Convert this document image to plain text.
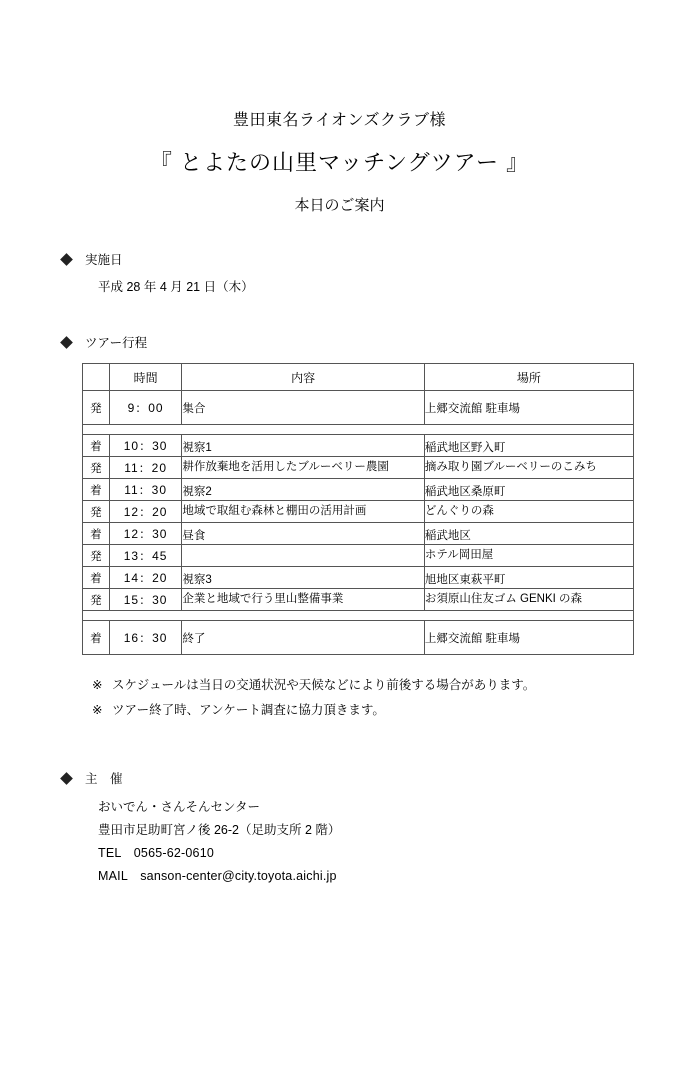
豊田東名ライオンズクラブ様
『 とよたの山里マッチングツアー 』
本日のご案内
実施日
平成 28 年 4 月 21 日（木）
ツアー行程
	時間	内容	場所
発	9：00	集合	上郷交流館 駐車場

着	10：30	視察1	稲武地区野入町
発	11：20	耕作放棄地を活用したブルーベリー農園	摘み取り園ブルーベリーのこみち
着	11：30	視察2	稲武地区桑原町
発	12：20	地域で取組む森林と棚田の活用計画	どんぐりの森
着	12：30	昼食	稲武地区
発	13：45		ホテル岡田屋
着	14：20	視察3	旭地区東萩平町
発	15：30	企業と地域で行う里山整備事業	お須原山住友ゴム GENKI の森

着	16：30	終了	上郷交流館 駐車場
※ スケジュールは当日の交通状況や天候などにより前後する場合があります。
※ ツアー終了時、アンケート調査に協力頂きます。
主　催
おいでん・さんそんセンター
豊田市足助町宮ノ後 26-2（足助支所 2 階）
TEL　0565-62-0610
MAIL　sanson-center@city.toyota.aichi.jp
